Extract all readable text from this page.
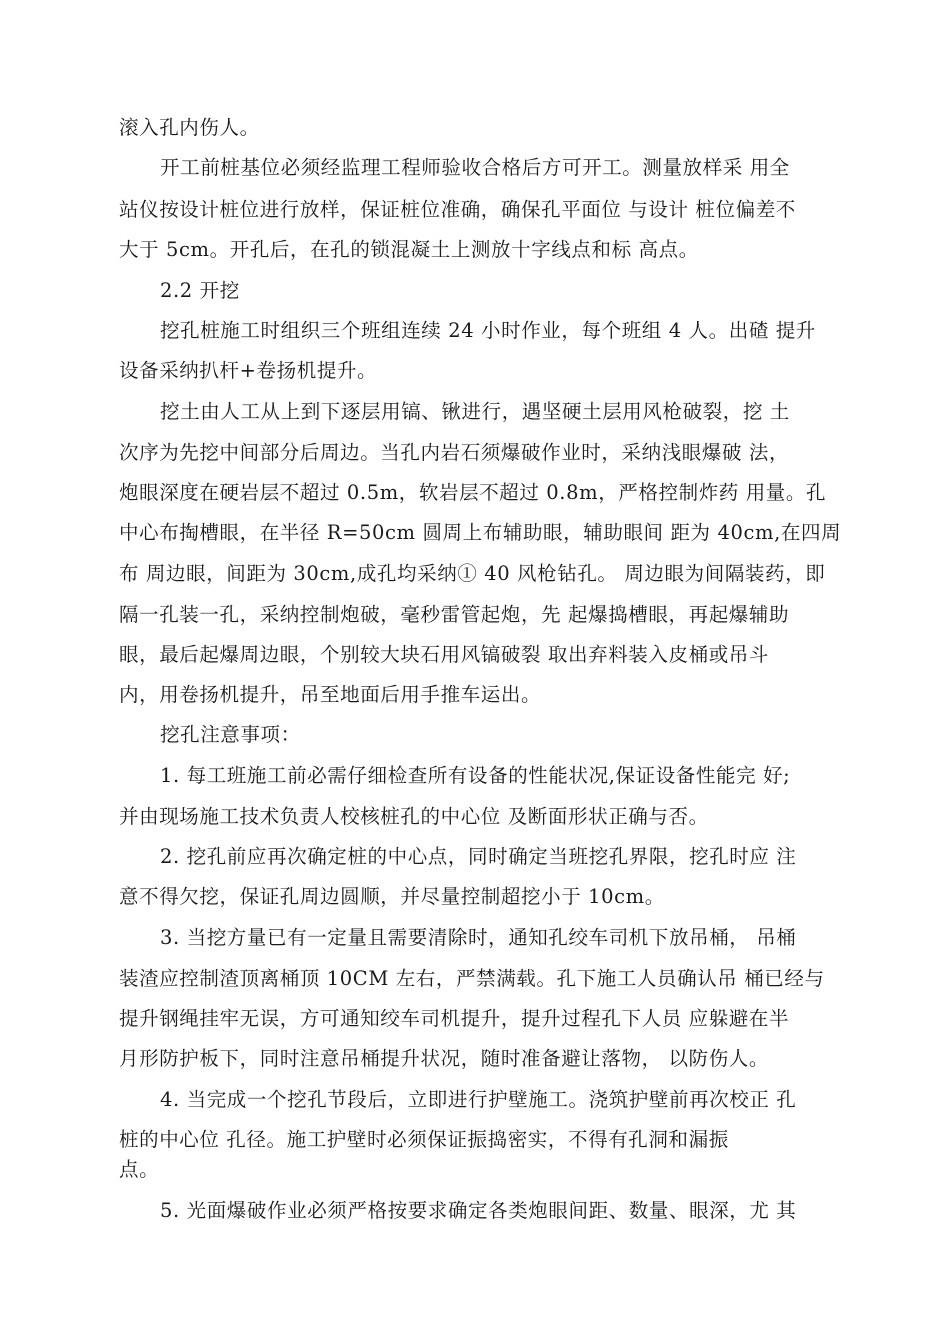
滚入孔内伤人。
开工前桩基位必须经监理工程师验收合格后方可开工。测量放样采 用全
站仪按设计桩位进行放样，保证桩位准确，确保孔平面位 与设计 桩位偏差不
大于 5cm。开孔后，在孔的锁混凝土上测放十字线点和标 高点。
2.2 开挖
挖孔桩施工时组织三个班组连续 24 小时作业，每个班组 4 人。出碴 提升
设备采纳扒杆+卷扬机提升。
挖土由人工从上到下逐层用镐、锹进行，遇坚硬土层用风枪破裂，挖 土
次序为先挖中间部分后周边。当孔内岩石须爆破作业时，采纳浅眼爆破 法，
炮眼深度在硬岩层不超过 0.5m，软岩层不超过 0.8m，严格控制炸药 用量。孔
中心布掏槽眼，在半径 R=50cm 圆周上布辅助眼，辅助眼间 距为 40cm,在四周
布 周边眼，间距为 30cm,成孔均采纳① 40 风枪钻孔。 周边眼为间隔装药，即
隔一孔装一孔，采纳控制炮破，毫秒雷管起炮，先 起爆捣槽眼，再起爆辅助
眼，最后起爆周边眼，个别较大块石用风镐破裂 取出弃料装入皮桶或吊斗
内，用卷扬机提升，吊至地面后用手推车运出。
挖孔注意事项：
1. 每工班施工前必需仔细检查所有设备的性能状况,保证设备性能完 好;
并由现场施工技术负责人校核桩孔的中心位 及断面形状正确与否。
2. 挖孔前应再次确定桩的中心点，同时确定当班挖孔界限，挖孔时应 注
意不得欠挖，保证孔周边圆顺，并尽量控制超挖小于 10cm。
3. 当挖方量已有一定量且需要清除时，通知孔绞车司机下放吊桶， 吊桶
装渣应控制渣顶离桶顶 10CM 左右，严禁满载。孔下施工人员确认吊 桶已经与
提升钢绳挂牢无误，方可通知绞车司机提升，提升过程孔下人员 应躲避在半
月形防护板下，同时注意吊桶提升状况，随时准备避让落物， 以防伤人。
4. 当完成一个挖孔节段后，立即进行护壁施工。浇筑护壁前再次校正 孔
桩的中心位 孔径。施工护壁时必须保证振捣密实，不得有孔洞和漏振
点。
5. 光面爆破作业必须严格按要求确定各类炮眼间距、数量、眼深，尤 其
